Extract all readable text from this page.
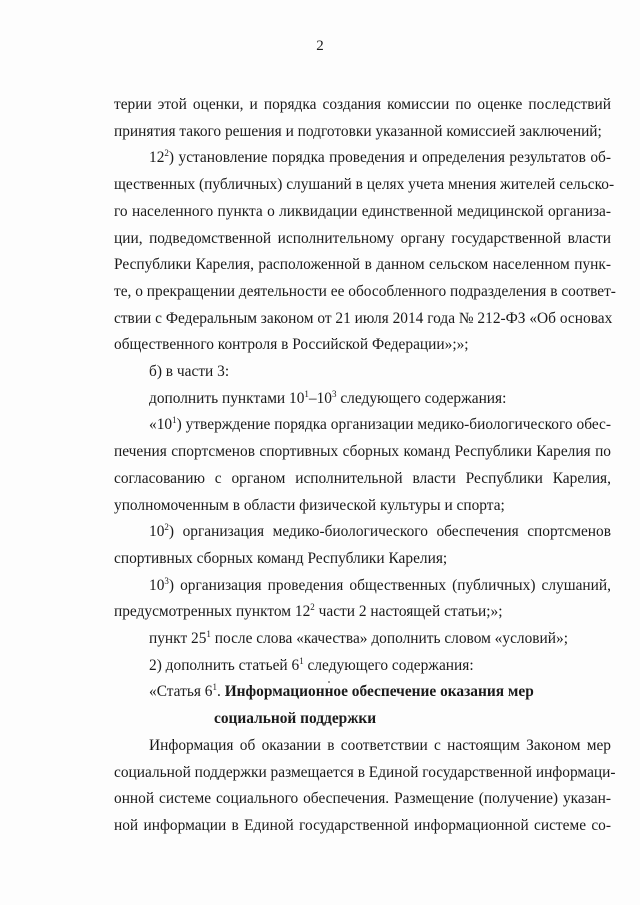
2

терии этой оценки, и порядка создания комиссии по оценке последствий
принятия такого решения и подготовки указанной комиссией заключений;

$12^2$) установление порядка проведения и определения результатов об-
щественных (публичных) слушаний в целях учета мнения жителей сельско-
го населенного пункта о ликвидации единственной медицинской организа-
ции, подведомственной исполнительному органу государственной власти
Республики Карелия, расположенной в данном сельском населенном пунк-
те, о прекращении деятельности ее обособленного подразделения в соответ-
ствии с Федеральным законом от 21 июля 2014 года № 212-ФЗ «Об основах
общественного контроля в Российской Федерации»;»;

б) в части 3:

дополнить пунктами $10^1-10^3$ следующего содержания:

«$10^1$) утверждение порядка организации медико-биологического обес-
печения спортсменов спортивных сборных команд Республики Карелия по
согласованию с органом исполнительной власти Республики Карелия,
уполномоченным в области физической культуры и спорта;

$10^2$) организация медико-биологического обеспечения спортсменов
спортивных сборных команд Республики Карелия;

$10^3$) организация проведения общественных (публичных) слушаний,
предусмотренных пунктом $12^2$ части 2 настоящей статьи;»;

пункт $25^1$ после слова «качества» дополнить словом «условий»;

2) дополнить статьей $6^1$ следующего содержания:

«Статья $6^1$. Информационное обеспечение оказания мер
социальной поддержки

Информация об оказании в соответствии с настоящим Законом мер
социальной поддержки размещается в Единой государственной информаци-
онной системе социального обеспечения. Размещение (получение) указан-
ной информации в Единой государственной информационной системе со-
